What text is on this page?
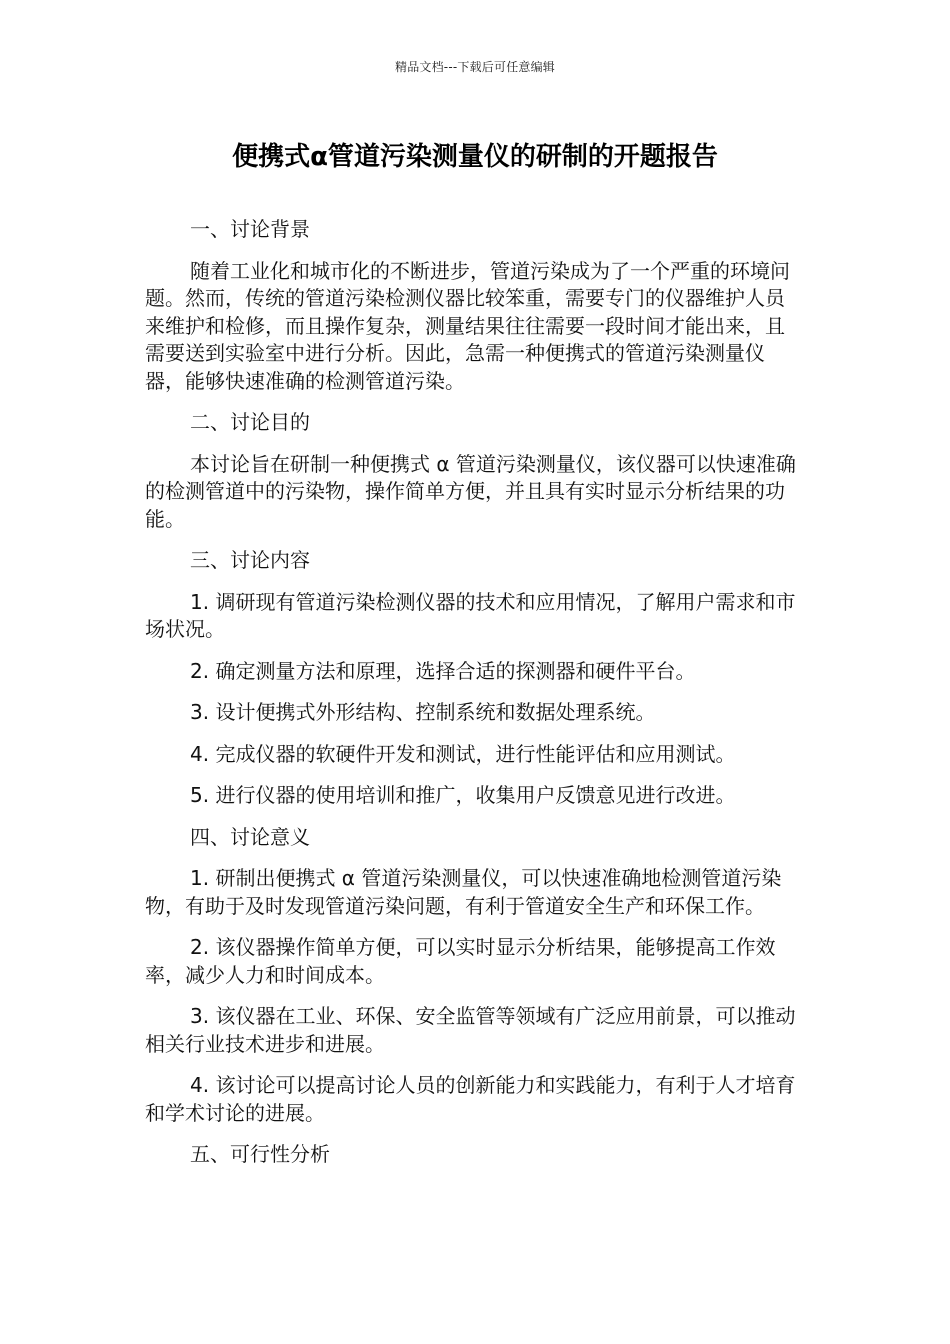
精品文档---下载后可任意编辑
便携式α管道污染测量仪的研制的开题报告

一、讨论背景

随着工业化和城市化的不断进步，管道污染成为了一个严重的环境问题。然而，传统的管道污染检测仪器比较笨重，需要专门的仪器维护人员来维护和检修，而且操作复杂，测量结果往往需要一段时间才能出来，且需要送到实验室中进行分析。因此，急需一种便携式的管道污染测量仪器，能够快速准确的检测管道污染。

二、讨论目的

本讨论旨在研制一种便携式 α 管道污染测量仪，该仪器可以快速准确的检测管道中的污染物，操作简单方便，并且具有实时显示分析结果的功能。

三、讨论内容

1. 调研现有管道污染检测仪器的技术和应用情况，了解用户需求和市场状况。

2. 确定测量方法和原理，选择合适的探测器和硬件平台。

3. 设计便携式外形结构、控制系统和数据处理系统。

4. 完成仪器的软硬件开发和测试，进行性能评估和应用测试。

5. 进行仪器的使用培训和推广，收集用户反馈意见进行改进。

四、讨论意义

1. 研制出便携式 α 管道污染测量仪，可以快速准确地检测管道污染物，有助于及时发现管道污染问题，有利于管道安全生产和环保工作。

2. 该仪器操作简单方便，可以实时显示分析结果，能够提高工作效率，减少人力和时间成本。

3. 该仪器在工业、环保、安全监管等领域有广泛应用前景，可以推动相关行业技术进步和进展。

4. 该讨论可以提高讨论人员的创新能力和实践能力，有利于人才培育和学术讨论的进展。

五、可行性分析
